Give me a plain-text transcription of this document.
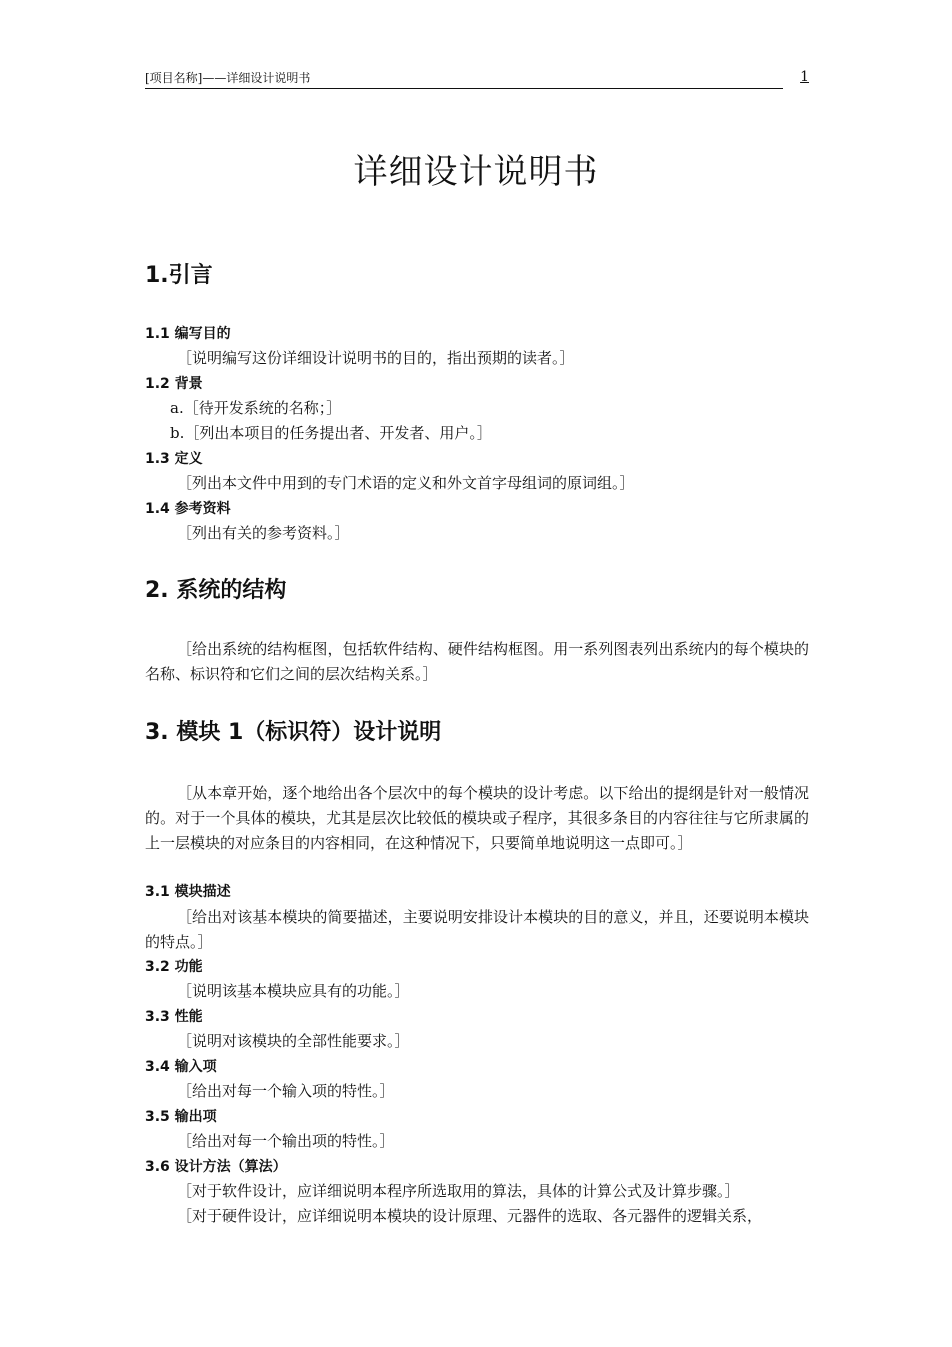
[项目名称]——详细设计说明书	1
详细设计说明书
1.引言
1.1 编写目的
［说明编写这份详细设计说明书的目的，指出预期的读者。］
1.2 背景
a.［待开发系统的名称；］
b.［列出本项目的任务提出者、开发者、用户。］
1.3 定义
［列出本文件中用到的专门术语的定义和外文首字母组词的原词组。］
1.4 参考资料
［列出有关的参考资料。］
2. 系统的结构
［给出系统的结构框图，包括软件结构、硬件结构框图。用一系列图表列出系统内的每个模块的名称、标识符和它们之间的层次结构关系。］
3. 模块 1（标识符）设计说明
［从本章开始，逐个地给出各个层次中的每个模块的设计考虑。以下给出的提纲是针对一般情况的。对于一个具体的模块，尤其是层次比较低的模块或子程序，其很多条目的内容往往与它所隶属的上一层模块的对应条目的内容相同，在这种情况下，只要简单地说明这一点即可。］
3.1 模块描述
［给出对该基本模块的简要描述，主要说明安排设计本模块的目的意义，并且，还要说明本模块的特点。］
3.2 功能
［说明该基本模块应具有的功能。］
3.3 性能
［说明对该模块的全部性能要求。］
3.4 输入项
［给出对每一个输入项的特性。］
3.5 输出项
［给出对每一个输出项的特性。］
3.6 设计方法（算法）
［对于软件设计，应详细说明本程序所选取用的算法，具体的计算公式及计算步骤。］
［对于硬件设计，应详细说明本模块的设计原理、元器件的选取、各元器件的逻辑关系，
